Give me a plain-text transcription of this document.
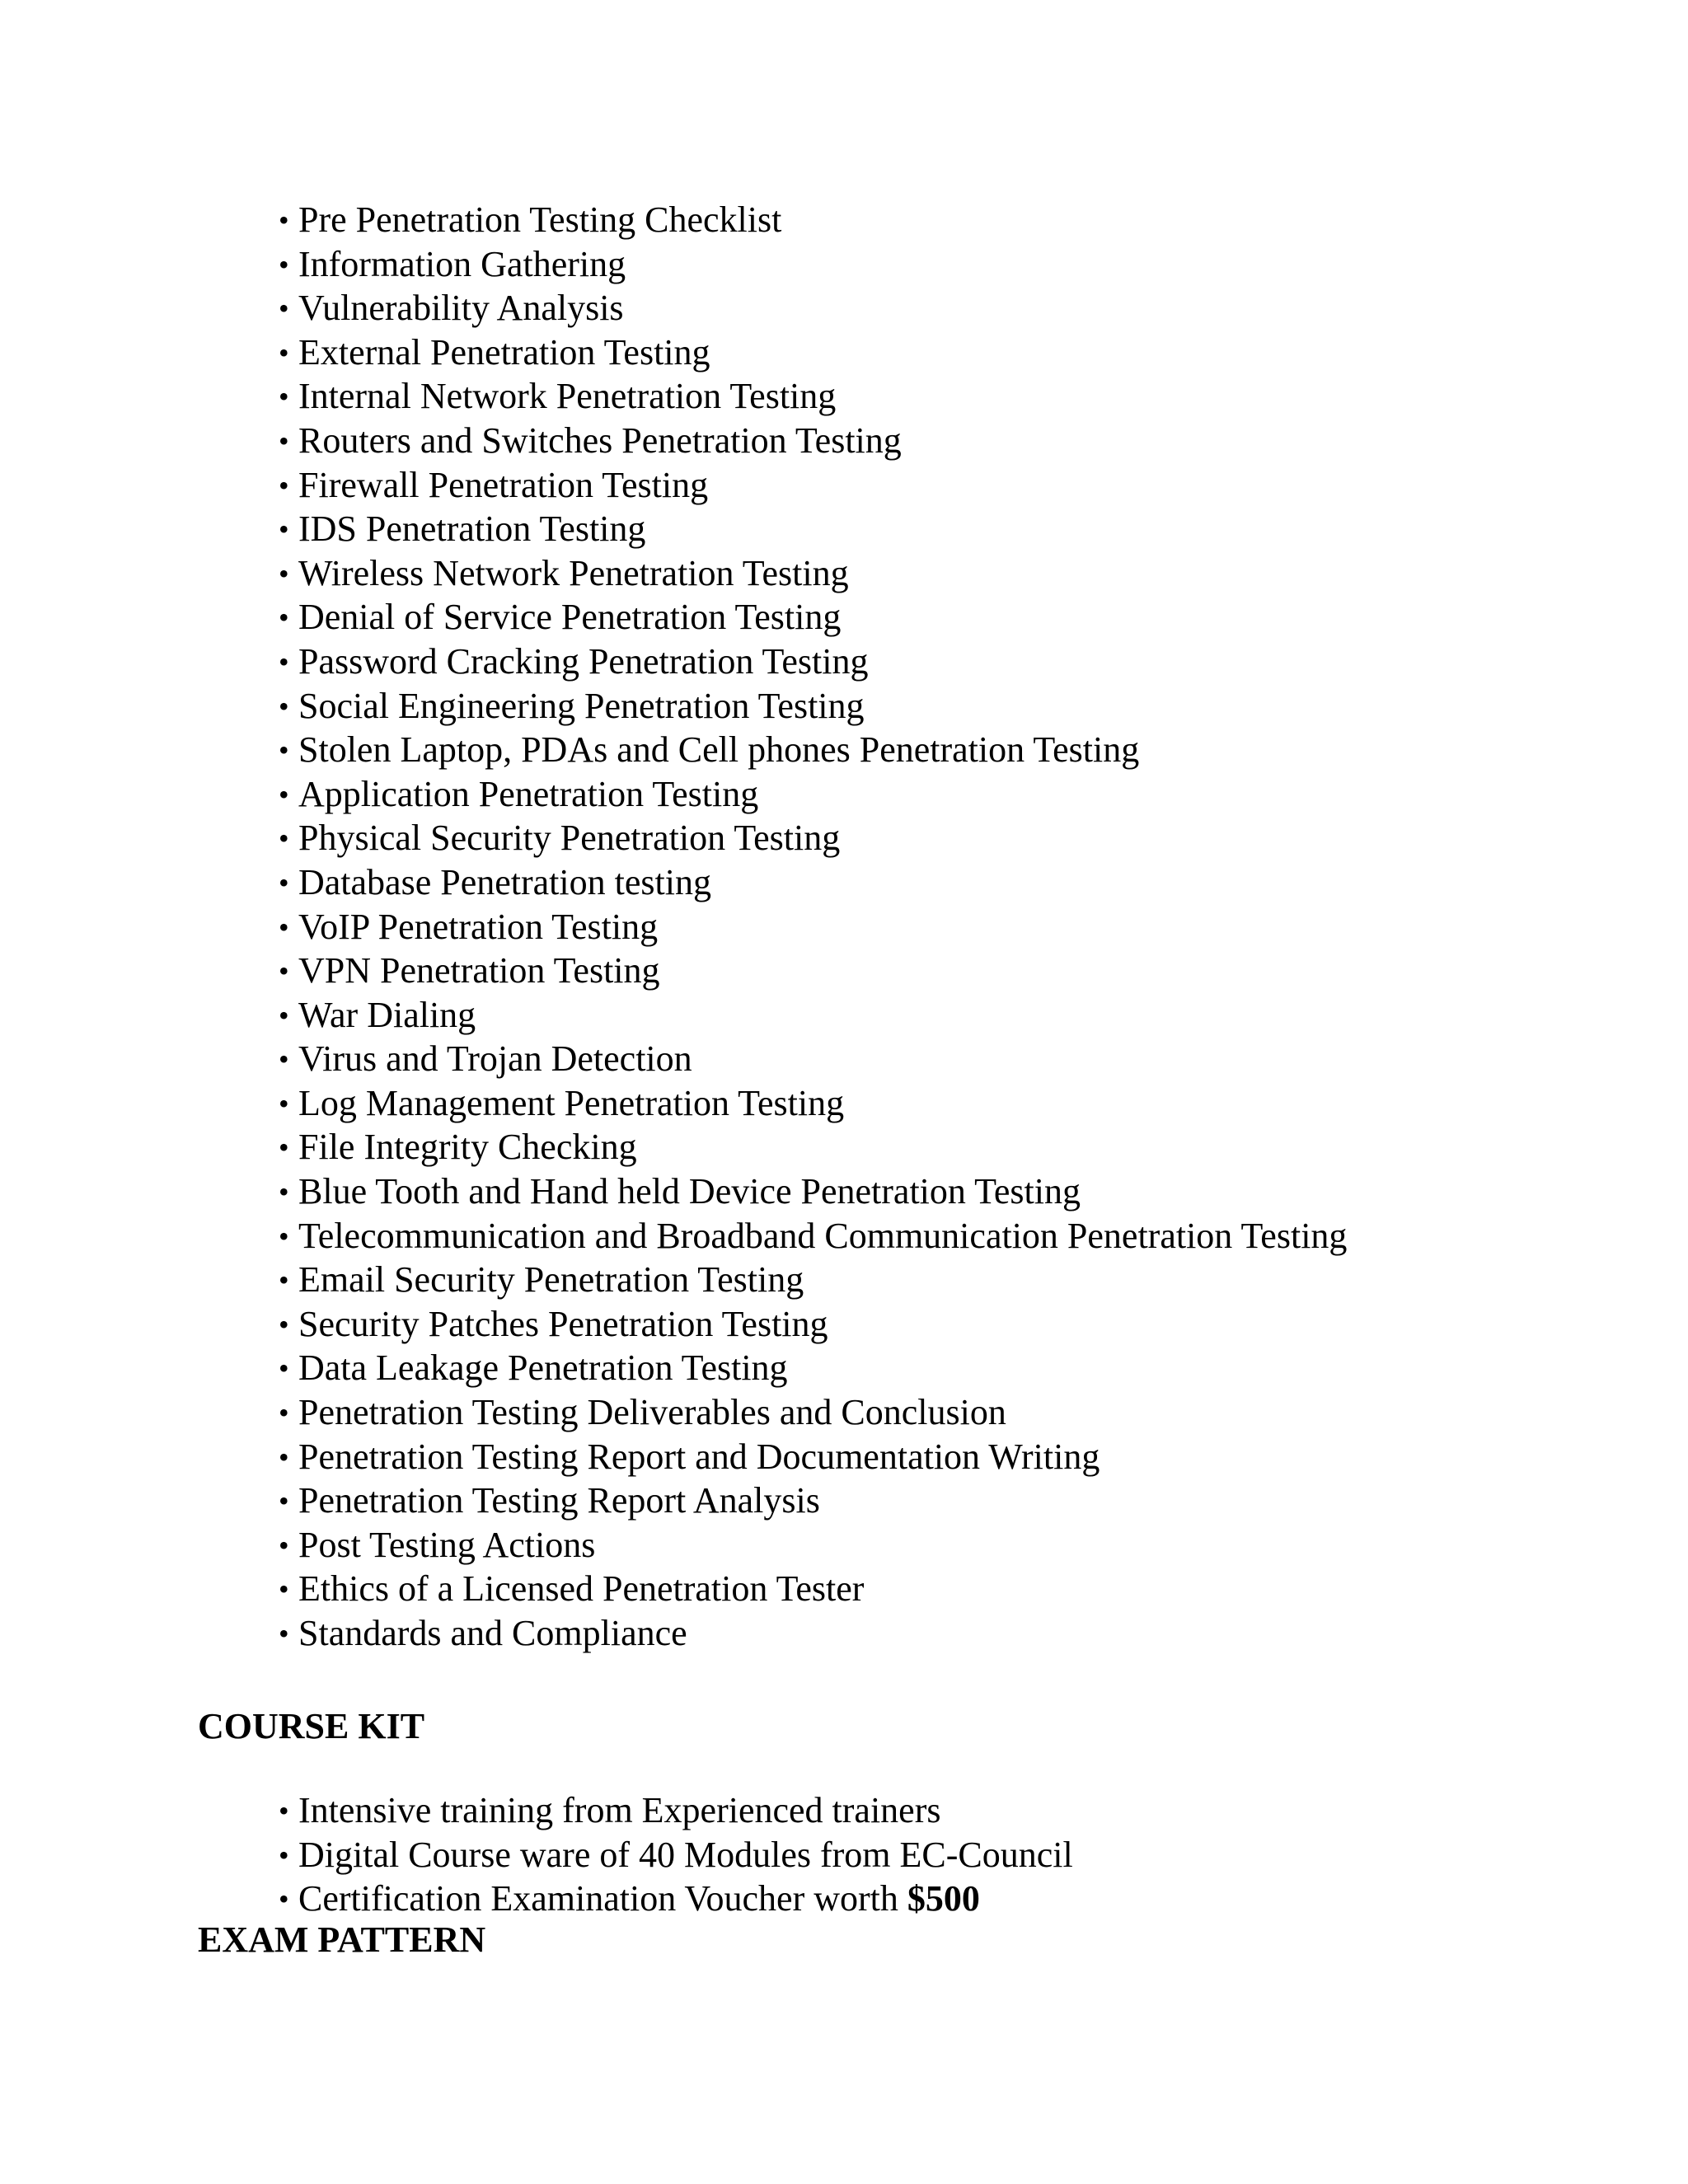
• Pre Penetration Testing Checklist
• Information Gathering
• Vulnerability Analysis
• External Penetration Testing
• Internal Network Penetration Testing
• Routers and Switches Penetration Testing
• Firewall Penetration Testing
• IDS Penetration Testing
• Wireless Network Penetration Testing
• Denial of Service Penetration Testing
• Password Cracking Penetration Testing
• Social Engineering Penetration Testing
• Stolen Laptop, PDAs and Cell phones Penetration Testing
• Application Penetration Testing
• Physical Security Penetration Testing
• Database Penetration testing
• VoIP Penetration Testing
• VPN Penetration Testing
• War Dialing
• Virus and Trojan Detection
• Log Management Penetration Testing
• File Integrity Checking
• Blue Tooth and Hand held Device Penetration Testing
• Telecommunication and Broadband Communication Penetration Testing
• Email Security Penetration Testing
• Security Patches Penetration Testing
• Data Leakage Penetration Testing
• Penetration Testing Deliverables and Conclusion
• Penetration Testing Report and Documentation Writing
• Penetration Testing Report Analysis
• Post Testing Actions
• Ethics of a Licensed Penetration Tester
• Standards and Compliance
COURSE KIT
• Intensive training from Experienced trainers
• Digital Course ware of 40 Modules from EC-Council
• Certification Examination Voucher worth $500
EXAM PATTERN
